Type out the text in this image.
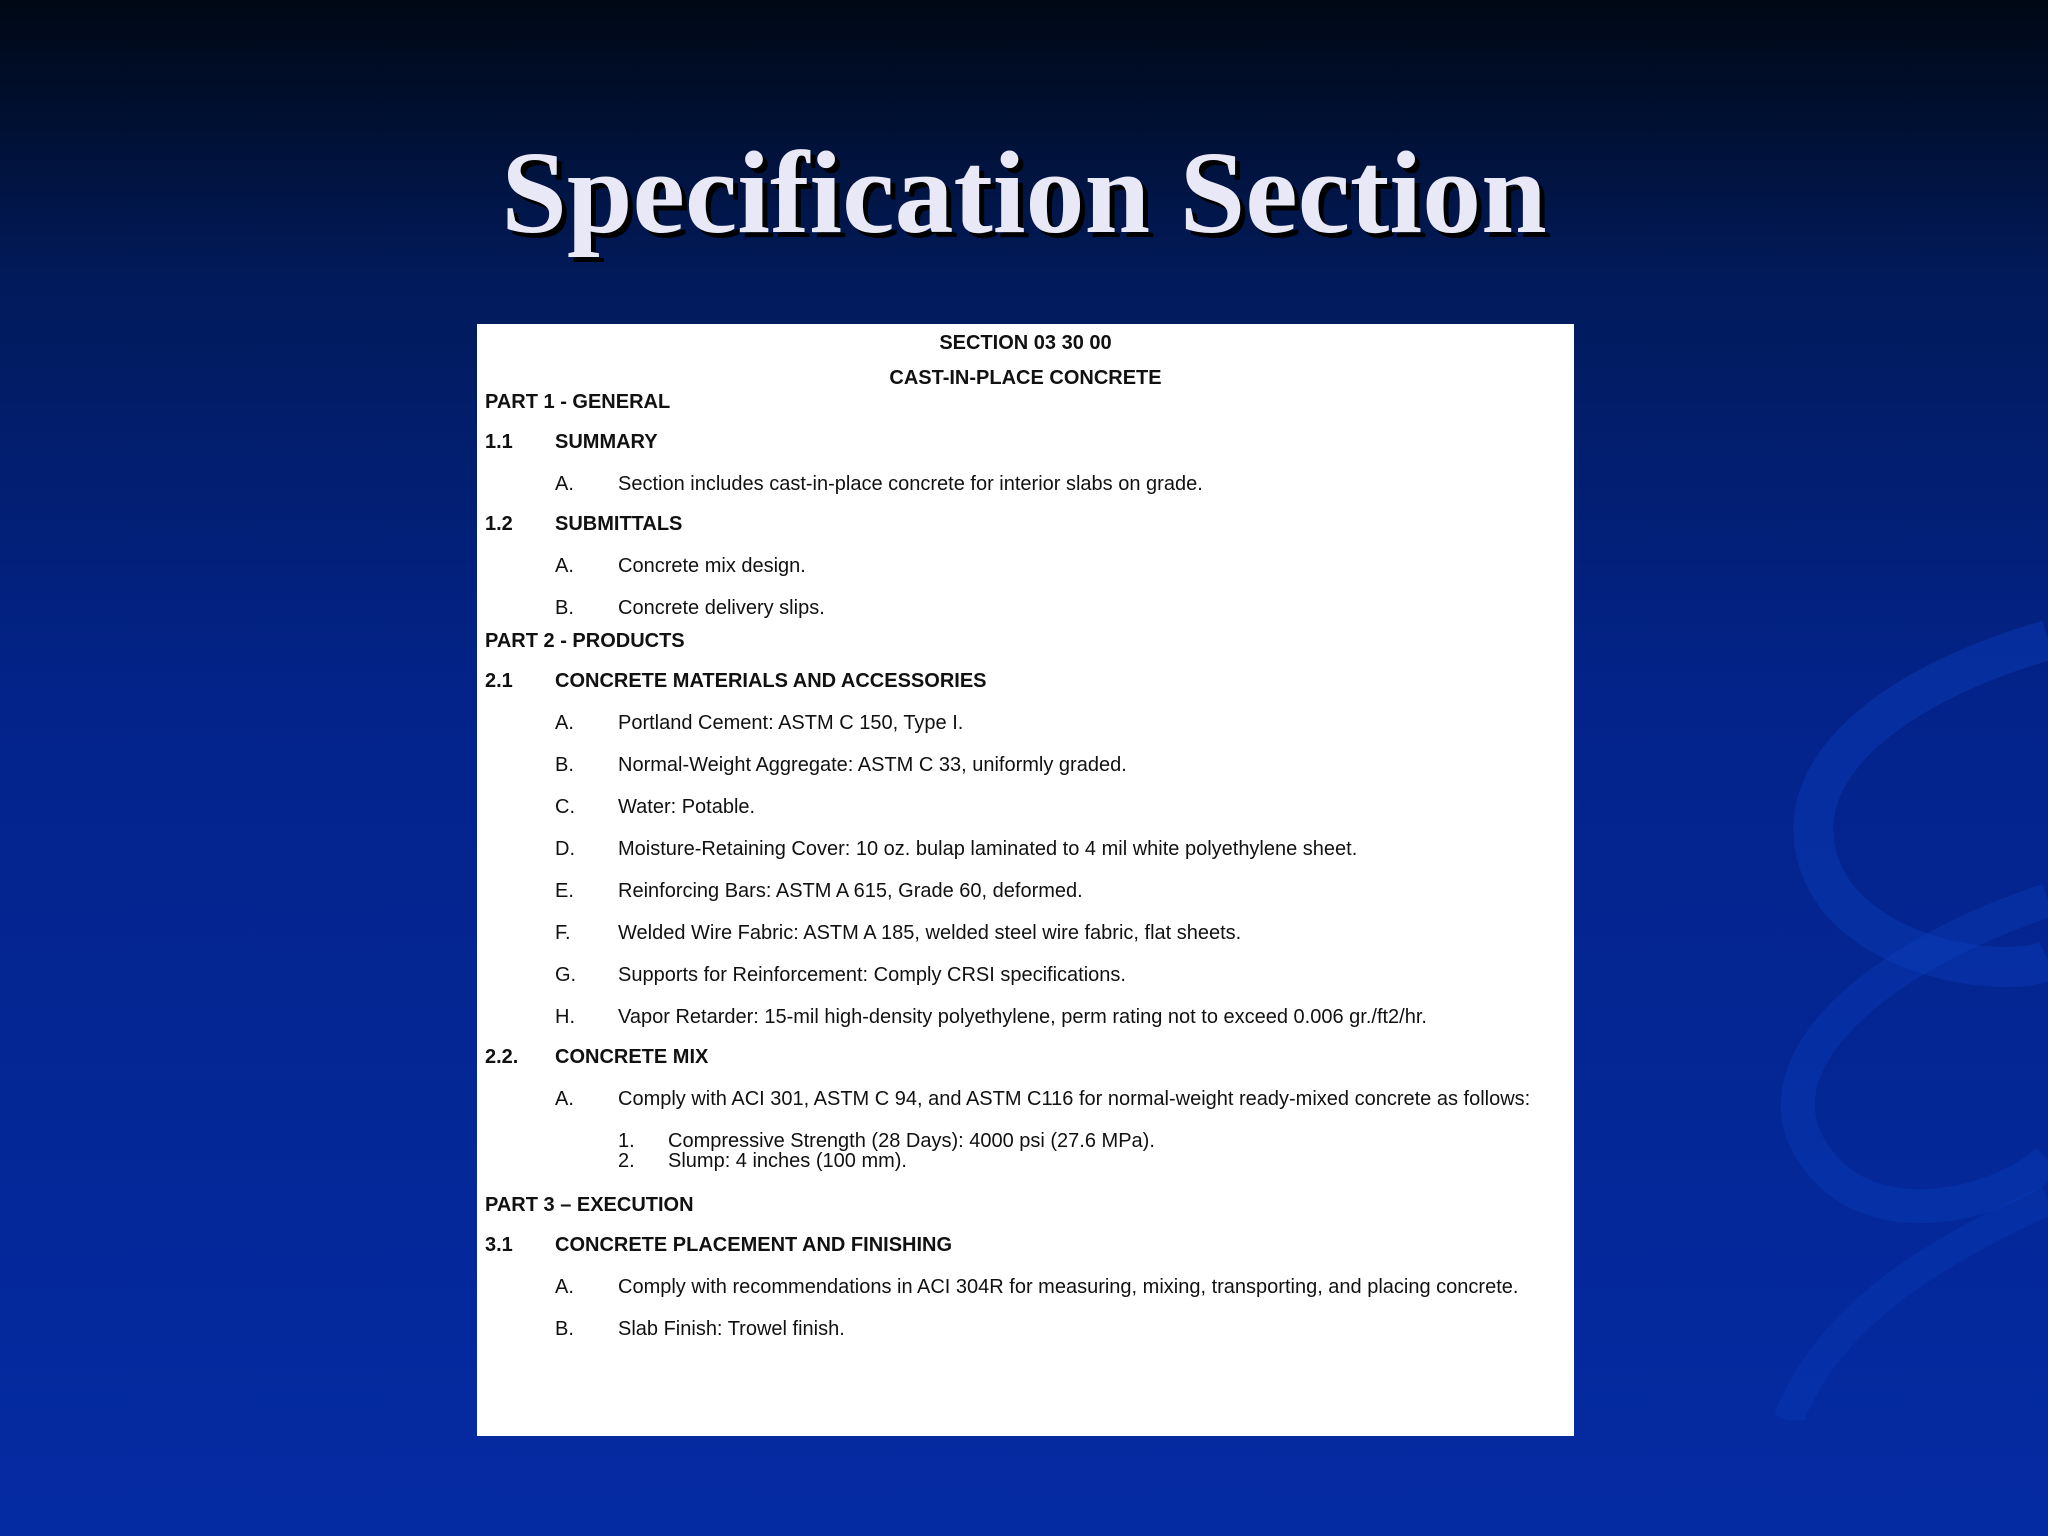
Specification Section
SECTION 03 30 00
CAST-IN-PLACE CONCRETE
PART 1 - GENERAL
1.1	SUMMARY
A.	Section includes cast-in-place concrete for interior slabs on grade.
1.2	SUBMITTALS
A.	Concrete mix design.
B.	Concrete delivery slips.
PART 2 - PRODUCTS
2.1	CONCRETE MATERIALS AND ACCESSORIES
A.	Portland Cement: ASTM C 150, Type I.
B.	Normal-Weight Aggregate: ASTM C 33, uniformly graded.
C.	Water: Potable.
D.	Moisture-Retaining Cover: 10 oz. bulap laminated to 4 mil white polyethylene sheet.
E.	Reinforcing Bars: ASTM A 615, Grade 60, deformed.
F.	Welded Wire Fabric: ASTM A 185, welded steel wire fabric, flat sheets.
G.	Supports for Reinforcement: Comply CRSI specifications.
H.	Vapor Retarder: 15-mil high-density polyethylene, perm rating not to exceed 0.006 gr./ft2/hr.
2.2.	CONCRETE MIX
A.	Comply with ACI 301, ASTM C 94, and ASTM C116 for normal-weight ready-mixed concrete as follows:
1.	Compressive Strength (28 Days): 4000 psi (27.6 MPa).
2.	Slump: 4 inches (100 mm).
PART 3 – EXECUTION
3.1	CONCRETE PLACEMENT AND FINISHING
A.	Comply with recommendations in ACI 304R for measuring, mixing, transporting, and placing concrete.
B.	Slab Finish: Trowel finish.
